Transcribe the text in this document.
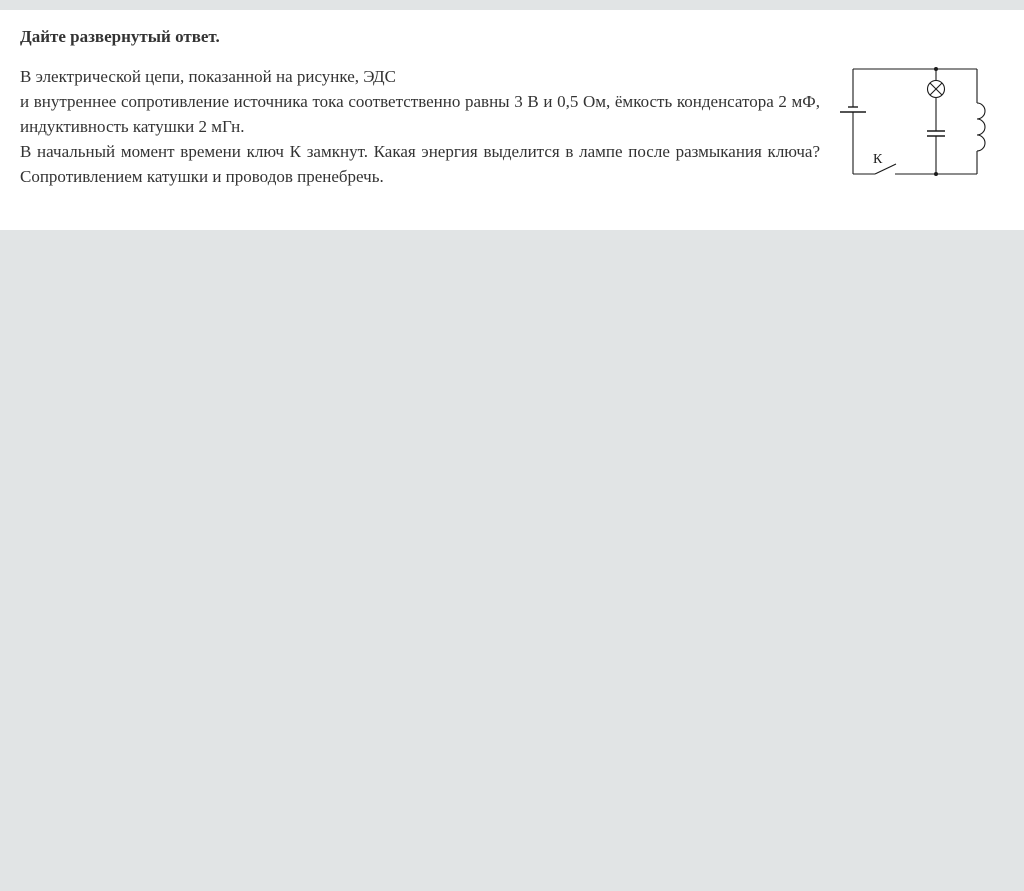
Дайте развернутый ответ.

В электрической цепи, показанной на рисунке, ЭДС

и внутреннее сопротивление источника тока соответственно равны 3 В и 0,5 Ом, ёмкость конденсатора 2 мФ, индуктивность катушки 2 мГн.

В начальный момент времени ключ К замкнут. Какая энергия выделится в лампе после размыкания ключа? Сопротивлением катушки и проводов пренебречь.

К
